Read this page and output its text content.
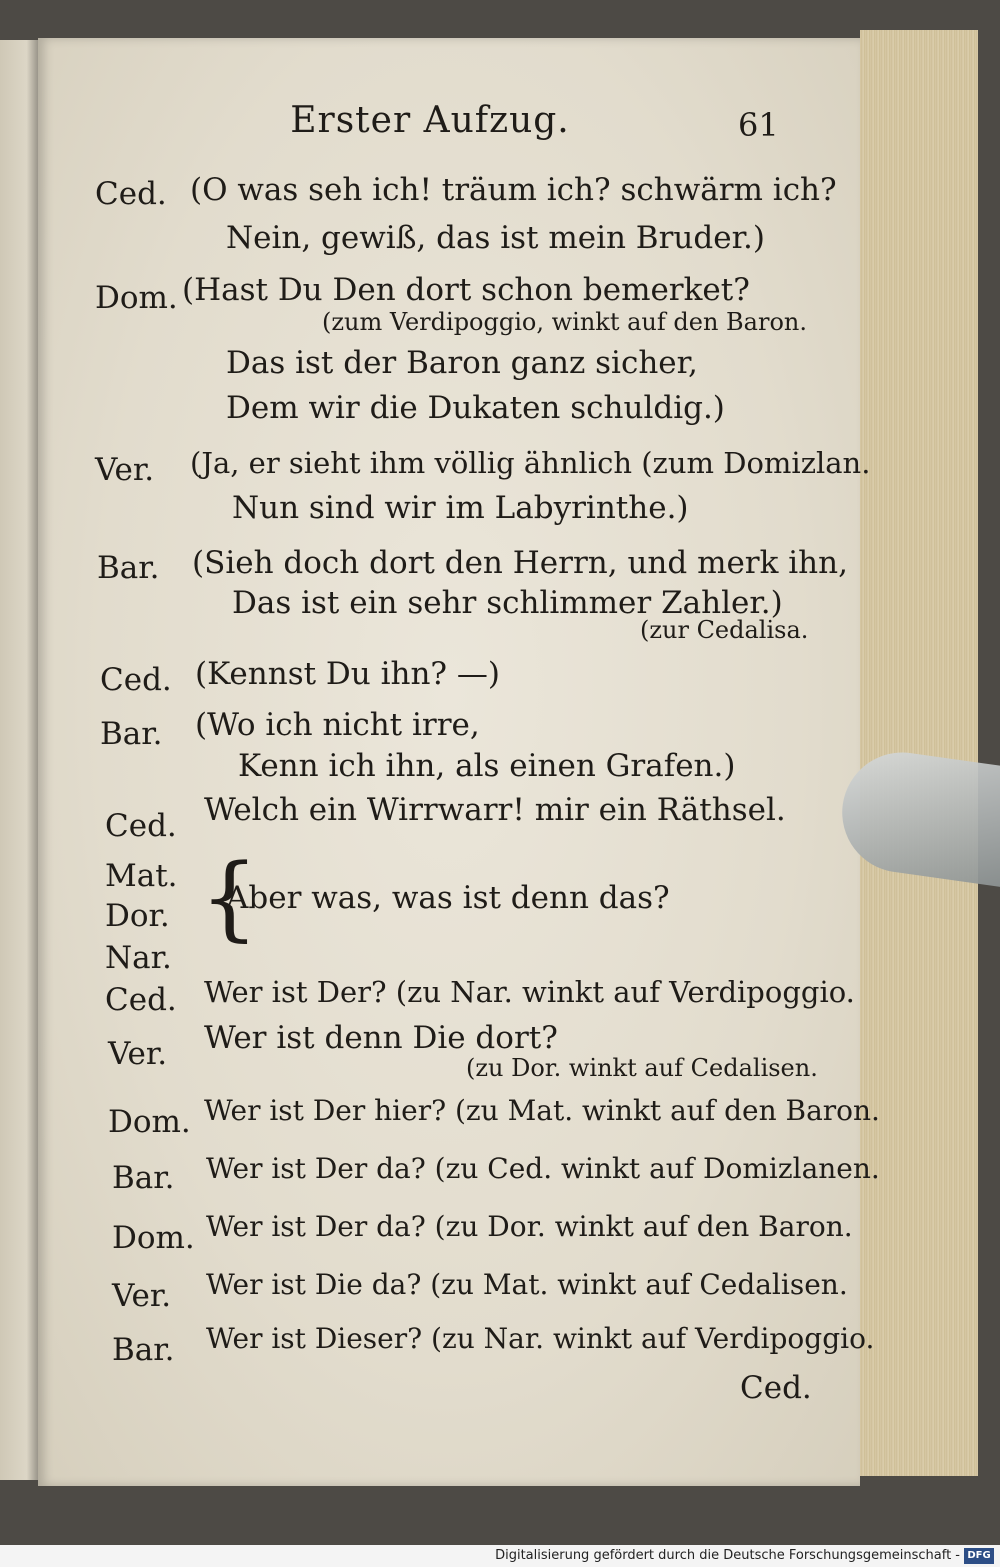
Erster Aufzug.	61
Ced. (O was seh ich! träum ich? schwärm ich?
Nein, gewiß, das ist mein Bruder.)
Dom. (Hast Du Den dort schon bemerket?
(zum Verdipoggio, winkt auf den Baron.
Das ist der Baron ganz sicher,
Dem wir die Dukaten schuldig.)
Ver. (Ja, er sieht ihm völlig ähnlich (zum Domizlan.
Nun sind wir im Labyrinthe.)
Bar. (Sieh doch dort den Herrn, und merk ihn,
Das ist ein sehr schlimmer Zahler.)
(zur Cedalisa.
Ced. (Kennst Du ihn? —)
Bar. (Wo ich nicht irre,
Kenn ich ihn, als einen Grafen.)
Ced. Welch ein Wirrwarr! mir ein Räthsel.
Mat.
Dor.
Nar.
{
Aber was, was ist denn das?
Ced. Wer ist Der? (zu Nar. winkt auf Verdipoggio.
Ver. Wer ist denn Die dort?
(zu Dor. winkt auf Cedalisen.
Dom. Wer ist Der hier? (zu Mat. winkt auf den Baron.
Bar. Wer ist Der da? (zu Ced. winkt auf Domizlanen.
Dom. Wer ist Der da? (zu Dor. winkt auf den Baron.
Ver. Wer ist Die da? (zu Mat. winkt auf Cedalisen.
Bar. Wer ist Dieser? (zu Nar. winkt auf Verdipoggio.
Ced.
Digitalisierung gefördert durch die Deutsche Forschungsgemeinschaft - DFG
